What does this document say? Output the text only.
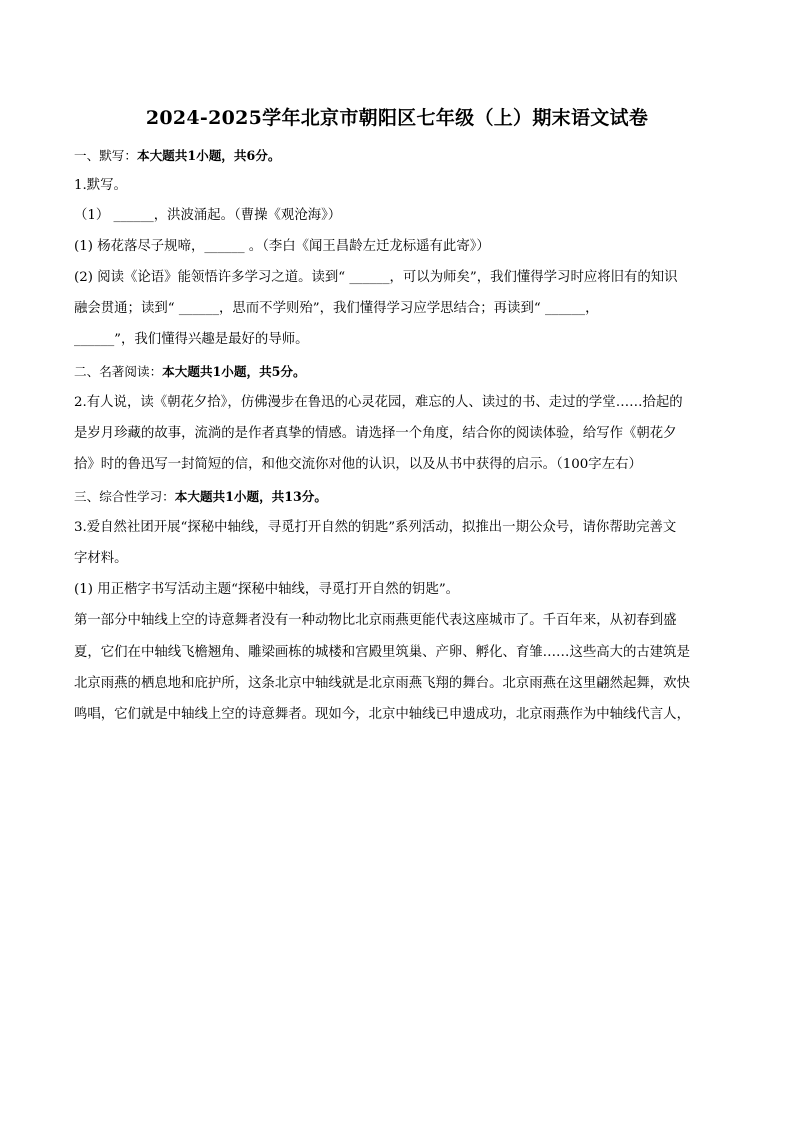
2024-2025学年北京市朝阳区七年级（上）期末语文试卷
一、默写：本大题共1小题，共6分。
1.默写。
（1） ______，洪波涌起。（曹操《观沧海》）
(1) 杨花落尽子规啼，______ 。（李白《闻王昌龄左迁龙标遥有此寄》）
(2) 阅读《论语》能领悟许多学习之道。读到“ ______，可以为师矣”，我们懂得学习时应将旧有的知识
融会贯通；读到“ ______，思而不学则殆”，我们懂得学习应学思结合；再读到“ ______，
______”，我们懂得兴趣是最好的导师。
二、名著阅读：本大题共1小题，共5分。
2.有人说，读《朝花夕拾》，仿佛漫步在鲁迅的心灵花园，难忘的人、读过的书、走过的学堂……拾起的
是岁月珍藏的故事，流淌的是作者真挚的情感。请选择一个角度，结合你的阅读体验，给写作《朝花夕
拾》时的鲁迅写一封简短的信，和他交流你对他的认识，以及从书中获得的启示。（100字左右）
三、综合性学习：本大题共1小题，共13分。
3.爱自然社团开展“探秘中轴线，寻觅打开自然的钥匙”系列活动，拟推出一期公众号，请你帮助完善文
字材料。
(1) 用正楷字书写活动主题“探秘中轴线，寻觅打开自然的钥匙”。
第一部分中轴线上空的诗意舞者没有一种动物比北京雨燕更能代表这座城市了。千百年来，从初春到盛
夏，它们在中轴线飞檐翘角、雕梁画栋的城楼和宫殿里筑巢、产卵、孵化、育雏……这些高大的古建筑是
北京雨燕的栖息地和庇护所，这条北京中轴线就是北京雨燕飞翔的舞台。北京雨燕在这里翩然起舞，欢快
鸣唱，它们就是中轴线上空的诗意舞者。现如今，北京中轴线已申遗成功，北京雨燕作为中轴线代言人，
